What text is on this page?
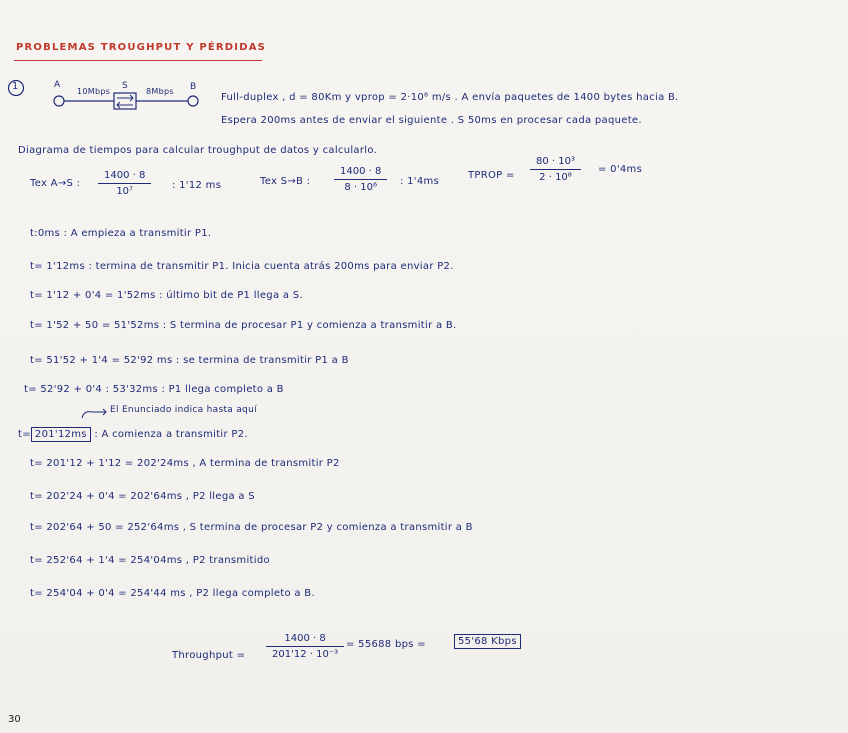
PROBLEMAS TROUGHPUT Y PÉRDIDAS
1	A	S	B
10Mbps	8Mbps
Full-duplex , d = 80Km y vprop = 2·10⁸ m/s . A envía paquetes de 1400 bytes hacia B.
Espera 200ms antes de enviar el siguiente . S 50ms en procesar cada paquete.
Diagrama de tiempos para calcular troughput de datos y calcularlo.
Tex A→S :
1400 · 8
10⁷
: 1'12 ms	Tex S→B :
1400 · 8
8 · 10⁶
: 1'4ms
TPROP =
80 · 10³
2 · 10⁸
= 0'4ms
t:0ms : A empieza a transmitir P1.
t= 1'12ms : termina de transmitir P1. Inicia cuenta atrás 200ms para enviar P2.
t= 1'12 + 0'4 = 1'52ms : último bit de P1 llega a S.
t= 1'52 + 50 = 51'52ms : S termina de procesar P1 y comienza a transmitir a B.
t= 51'52 + 1'4 = 52'92 ms : se termina de transmitir P1 a B
t= 52'92 + 0'4 : 53'32ms : P1 llega completo a B
El Enunciado indica hasta aquí
t= 201'12ms : A comienza a transmitir P2.
t= 201'12 + 1'12 = 202'24ms , A termina de transmitir P2
t= 202'24 + 0'4 = 202'64ms , P2 llega a S
t= 202'64 + 50 = 252'64ms , S termina de procesar P2 y comienza a transmitir a B
t= 252'64 + 1'4 = 254'04ms , P2 transmitido
t= 254'04 + 0'4 = 254'44 ms , P2 llega completo a B.
Throughput =
1400 · 8
201'12 · 10⁻³
= 55688 bps =	55'68 Kbps
30
